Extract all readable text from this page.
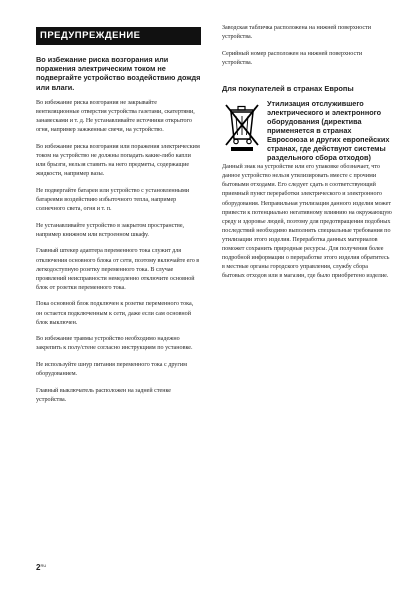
ПРЕДУПРЕЖДЕНИЕ
Во избежание риска возгорания или поражения электрическим током не подвергайте устройство воздействию дождя или влаги.

Во избежание риска возгорания не закрывайте вентиляционные отверстия устройства газетами, скатертями, занавесками и т. д. Не устанавливайте источники открытого огня, например зажженные свечи, на устройство.

Во избежание риска возгорания или поражения электрическим током на устройство не должны попадать какие-либо капли или брызги, нельзя ставить на него предметы, содержащие жидкости, например вазы.

Не подвергайте батареи или устройство с установленными батареями воздействию избыточного тепла, например солнечного света, огня и т. п.

Не устанавливайте устройство в закрытом пространстве, например книжном или встроенном шкафу.

Главный штекер адаптера переменного тока служит для отключения основного блока от сети, поэтому включайте его в легкодоступную розетку переменного тока. В случае проявлений неисправности немедленно отключите основной блок от розетки переменного тока.

Пока основной блок подключен к розетке переменного тока, он остается подключенным к сети, даже если сам основной блок выключен.

Во избежание травмы устройство необходимо надежно закрепить к полу/стене согласно инструкциям по установке.

Не используйте шнур питания переменного тока с другим оборудованием.

Главный выключатель расположен на задней стенке устройства.

Заводская табличка расположена на нижней поверхности устройства.

Серийный номер расположен на нижней поверхности устройства.

Для покупателей в странах Европы
Утилизация отслужившего электрического и электронного оборудования (директива применяется в странах Евросоюза и других европейских странах, где действуют системы раздельного сбора отходов)

Данный знак на устройстве или его упаковке обозначает, что данное устройство нельзя утилизировать вместе с прочими бытовыми отходами. Его следует сдать в соответствующий приемный пункт переработки электрического и электронного оборудования. Неправильная утилизация данного изделия может привести к потенциально негативному влиянию на окружающую среду и здоровье людей, поэтому для предотвращения подобных последствий необходимо выполнять специальные требования по утилизации этого изделия. Переработка данных материалов поможет сохранить природные ресурсы. Для получения более подробной информации о переработке этого изделия обратитесь в местные органы городского управления, службу сбора бытовых отходов или в магазин, где было приобретено изделие.

$2^{RU}$
